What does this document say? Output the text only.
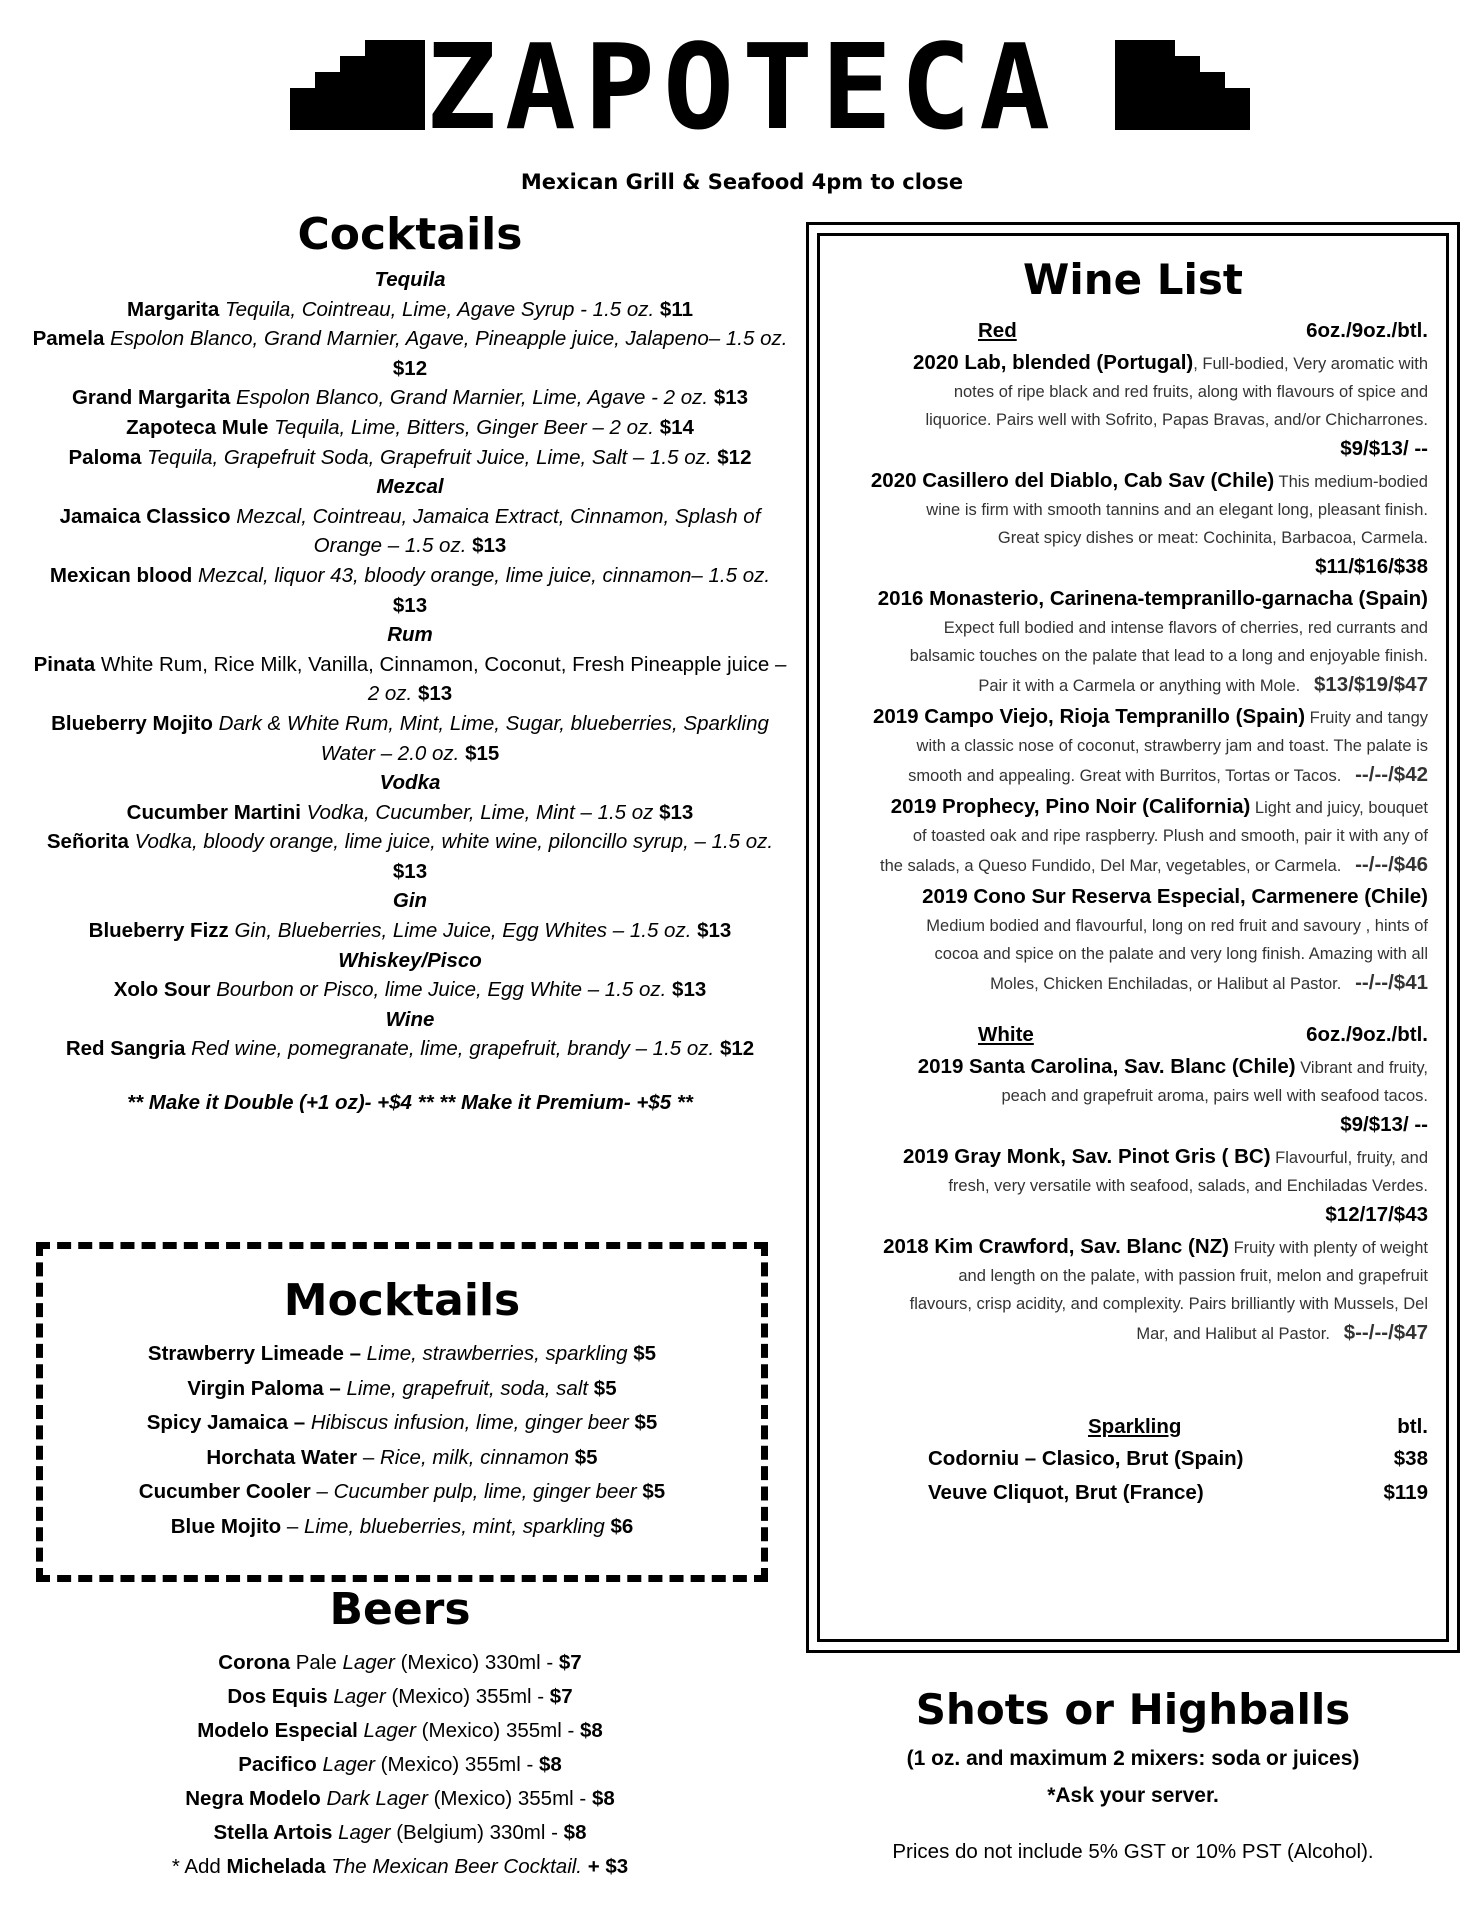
ZAPOTECA
Mexican Grill & Seafood 4pm to close
Cocktails
Tequila
Margarita Tequila, Cointreau, Lime, Agave Syrup - 1.5 oz. $11
Pamela Espolon Blanco, Grand Marnier, Agave, Pineapple juice, Jalapeno– 1.5 oz. $12
Grand Margarita Espolon Blanco, Grand Marnier, Lime, Agave - 2 oz. $13
Zapoteca Mule Tequila, Lime, Bitters, Ginger Beer – 2 oz. $14
Paloma Tequila, Grapefruit Soda, Grapefruit Juice, Lime, Salt – 1.5 oz. $12
Mezcal
Jamaica Classico Mezcal, Cointreau, Jamaica Extract, Cinnamon, Splash of Orange – 1.5 oz. $13
Mexican blood Mezcal, liquor 43, bloody orange, lime juice, cinnamon– 1.5 oz. $13
Rum
Pinata White Rum, Rice Milk, Vanilla, Cinnamon, Coconut, Fresh Pineapple juice – 2 oz. $13
Blueberry Mojito Dark & White Rum, Mint, Lime, Sugar, blueberries, Sparkling Water – 2.0 oz. $15
Vodka
Cucumber Martini Vodka, Cucumber, Lime, Mint – 1.5 oz $13
Señorita Vodka, bloody orange, lime juice, white wine, piloncillo syrup, – 1.5 oz. $13
Gin
Blueberry Fizz Gin, Blueberries, Lime Juice, Egg Whites – 1.5 oz. $13
Whiskey/Pisco
Xolo Sour Bourbon or Pisco, lime Juice, Egg White – 1.5 oz. $13
Wine
Red Sangria Red wine, pomegranate, lime, grapefruit, brandy – 1.5 oz. $12
** Make it Double (+1 oz)- +$4 ** ** Make it Premium- +$5 **
Mocktails
Strawberry Limeade – Lime, strawberries, sparkling $5
Virgin Paloma – Lime, grapefruit, soda, salt $5
Spicy Jamaica – Hibiscus infusion, lime, ginger beer $5
Horchata Water – Rice, milk, cinnamon $5
Cucumber Cooler – Cucumber pulp, lime, ginger beer $5
Blue Mojito – Lime, blueberries, mint, sparkling $6
Beers
Corona Pale Lager (Mexico) 330ml - $7
Dos Equis Lager (Mexico) 355ml - $7
Modelo Especial Lager (Mexico) 355ml - $8
Pacifico Lager (Mexico) 355ml - $8
Negra Modelo Dark Lager (Mexico) 355ml - $8
Stella Artois Lager (Belgium) 330ml - $8
* Add Michelada The Mexican Beer Cocktail. + $3
Wine List
Red	6oz./9oz./btl.
2020 Lab, blended (Portugal), Full-bodied, Very aromatic with
notes of ripe black and red fruits, along with flavours of spice and
liquorice. Pairs well with Sofrito, Papas Bravas, and/or Chicharrones.
$9/$13/ --
2020 Casillero del Diablo, Cab Sav (Chile) This medium-bodied
wine is firm with smooth tannins and an elegant long, pleasant finish.
Great spicy dishes or meat: Cochinita, Barbacoa, Carmela.
$11/$16/$38
2016 Monasterio, Carinena-tempranillo-garnacha (Spain)
Expect full bodied and intense flavors of cherries, red currants and
balsamic touches on the palate that lead to a long and enjoyable finish.
Pair it with a Carmela or anything with Mole. $13/$19/$47
2019 Campo Viejo, Rioja Tempranillo (Spain) Fruity and tangy
with a classic nose of coconut, strawberry jam and toast. The palate is
smooth and appealing. Great with Burritos, Tortas or Tacos. --/--/$42
2019 Prophecy, Pino Noir (California) Light and juicy, bouquet
of toasted oak and ripe raspberry. Plush and smooth, pair it with any of
the salads, a Queso Fundido, Del Mar, vegetables, or Carmela. --/--/$46
2019 Cono Sur Reserva Especial, Carmenere (Chile)
Medium bodied and flavourful, long on red fruit and savoury , hints of
cocoa and spice on the palate and very long finish. Amazing with all
Moles, Chicken Enchiladas, or Halibut al Pastor. --/--/$41
White	6oz./9oz./btl.
2019 Santa Carolina, Sav. Blanc (Chile) Vibrant and fruity,
peach and grapefruit aroma, pairs well with seafood tacos.
$9/$13/ --
2019 Gray Monk, Sav. Pinot Gris ( BC) Flavourful, fruity, and
fresh, very versatile with seafood, salads, and Enchiladas Verdes.
$12/17/$43
2018 Kim Crawford, Sav. Blanc (NZ) Fruity with plenty of weight
and length on the palate, with passion fruit, melon and grapefruit
flavours, crisp acidity, and complexity. Pairs brilliantly with Mussels, Del
Mar, and Halibut al Pastor. $--/--/$47
Sparkling	btl.
Codorniu – Clasico, Brut (Spain)	$38
Veuve Cliquot, Brut (France)	$119
Shots or Highballs
(1 oz. and maximum 2 mixers: soda or juices)
*Ask your server.
Prices do not include 5% GST or 10% PST (Alcohol).
